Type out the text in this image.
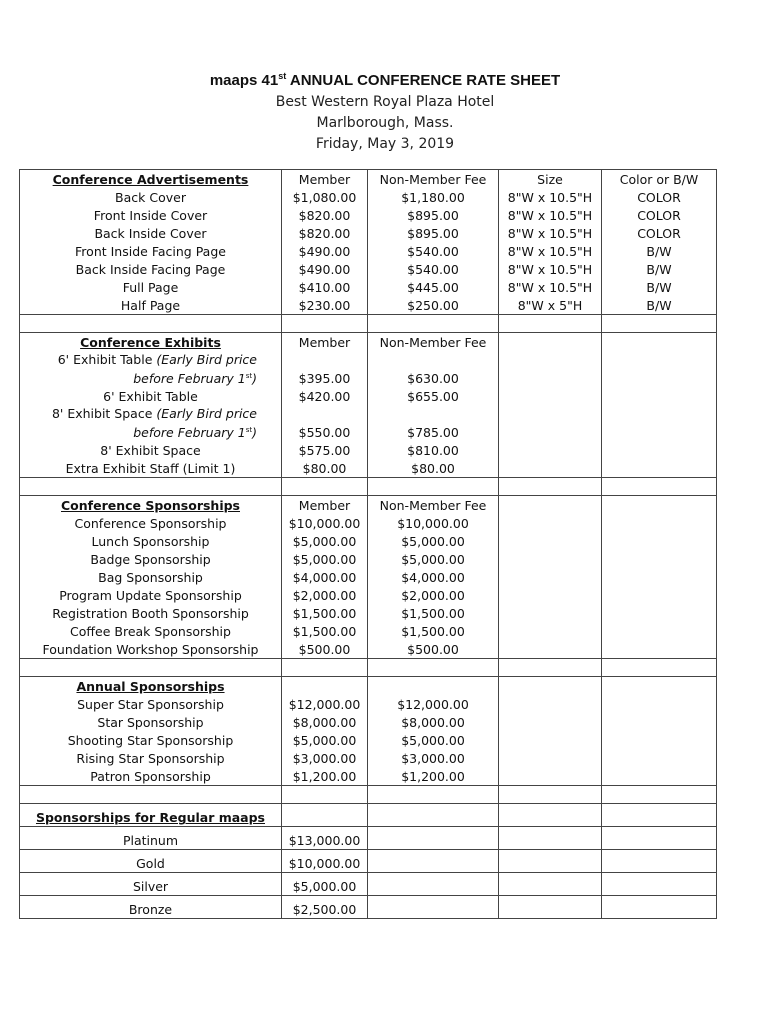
maaps 41st ANNUAL CONFERENCE RATE SHEET
Best Western Royal Plaza Hotel
Marlborough, Mass.
Friday, May 3, 2019
Conference Advertisements	Member	Non-Member Fee	Size	Color or B/W
Back Cover	$1,080.00	$1,180.00	8"W x 10.5"H	COLOR
Front Inside Cover	$820.00	$895.00	8"W x 10.5"H	COLOR
Back Inside Cover	$820.00	$895.00	8"W x 10.5"H	COLOR
Front Inside Facing Page	$490.00	$540.00	8"W x 10.5"H	B/W
Back Inside Facing Page	$490.00	$540.00	8"W x 10.5"H	B/W
Full Page	$410.00	$445.00	8"W x 10.5"H	B/W
Half Page	$230.00	$250.00	8"W x 5"H	B/W

Conference Exhibits	Member	Non-Member Fee		
6' Exhibit Table (Early Bird price before February 1st)	$395.00	$630.00		
6' Exhibit Table	$420.00	$655.00		
8' Exhibit Space (Early Bird price before February 1st)	$550.00	$785.00		
8' Exhibit Space	$575.00	$810.00		
Extra Exhibit Staff (Limit 1)	$80.00	$80.00		

Conference Sponsorships	Member	Non-Member Fee		
Conference Sponsorship	$10,000.00	$10,000.00		
Lunch Sponsorship	$5,000.00	$5,000.00		
Badge Sponsorship	$5,000.00	$5,000.00		
Bag Sponsorship	$4,000.00	$4,000.00		
Program Update Sponsorship	$2,000.00	$2,000.00		
Registration Booth Sponsorship	$1,500.00	$1,500.00		
Coffee Break Sponsorship	$1,500.00	$1,500.00		
Foundation Workshop Sponsorship	$500.00	$500.00		

Annual Sponsorships				
Super Star Sponsorship	$12,000.00	$12,000.00		
Star Sponsorship	$8,000.00	$8,000.00		
Shooting Star Sponsorship	$5,000.00	$5,000.00		
Rising Star Sponsorship	$3,000.00	$3,000.00		
Patron Sponsorship	$1,200.00	$1,200.00		

Sponsorships for Regular maaps				
Platinum	$13,000.00			
Gold	$10,000.00			
Silver	$5,000.00			
Bronze	$2,500.00			
